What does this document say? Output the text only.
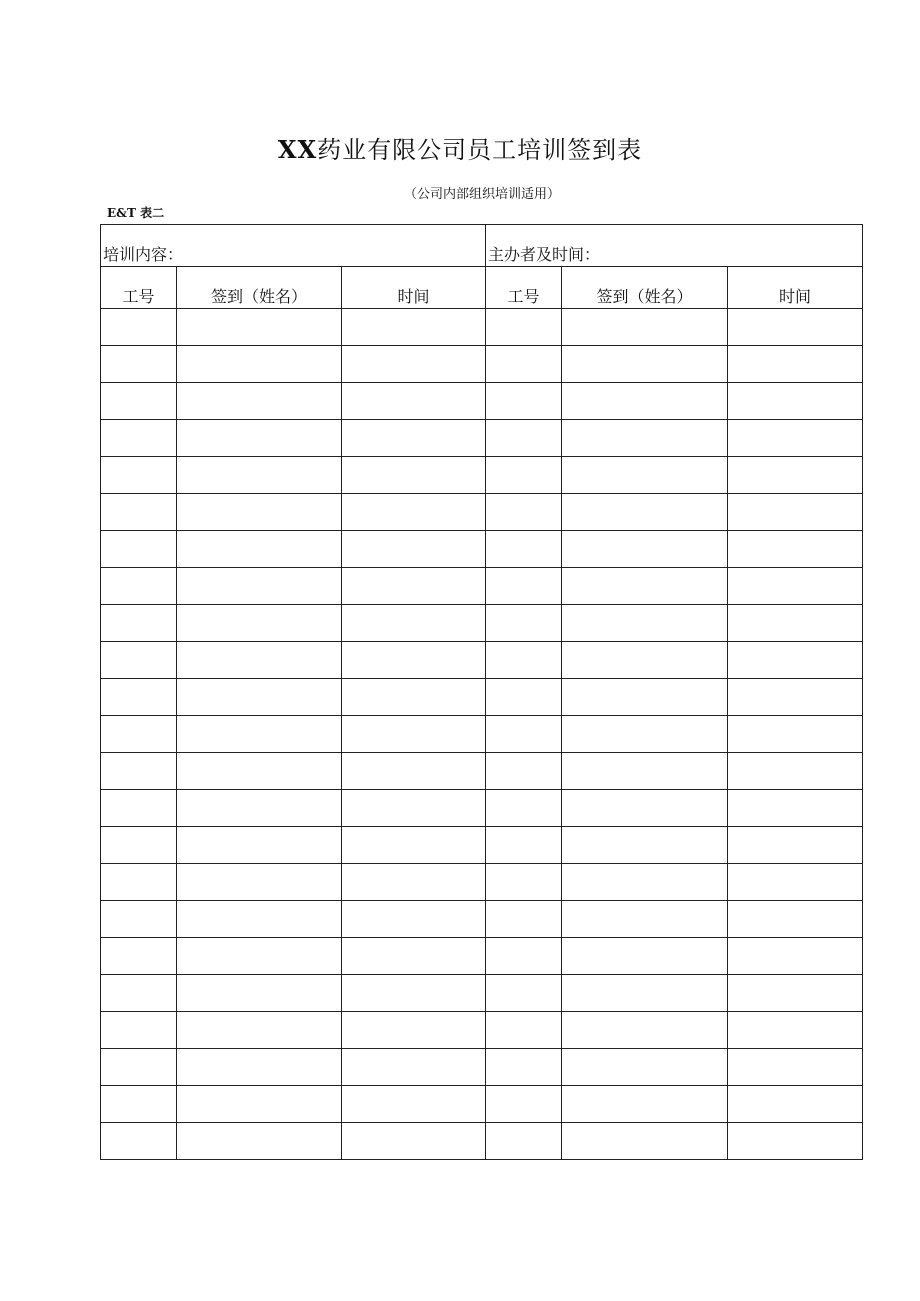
XX药业有限公司员工培训签到表
（公司内部组织培训适用）
E&T 表二
培训内容：			主办者及时间：		
工号	签到（姓名）	时间	工号	签到（姓名）	时间
